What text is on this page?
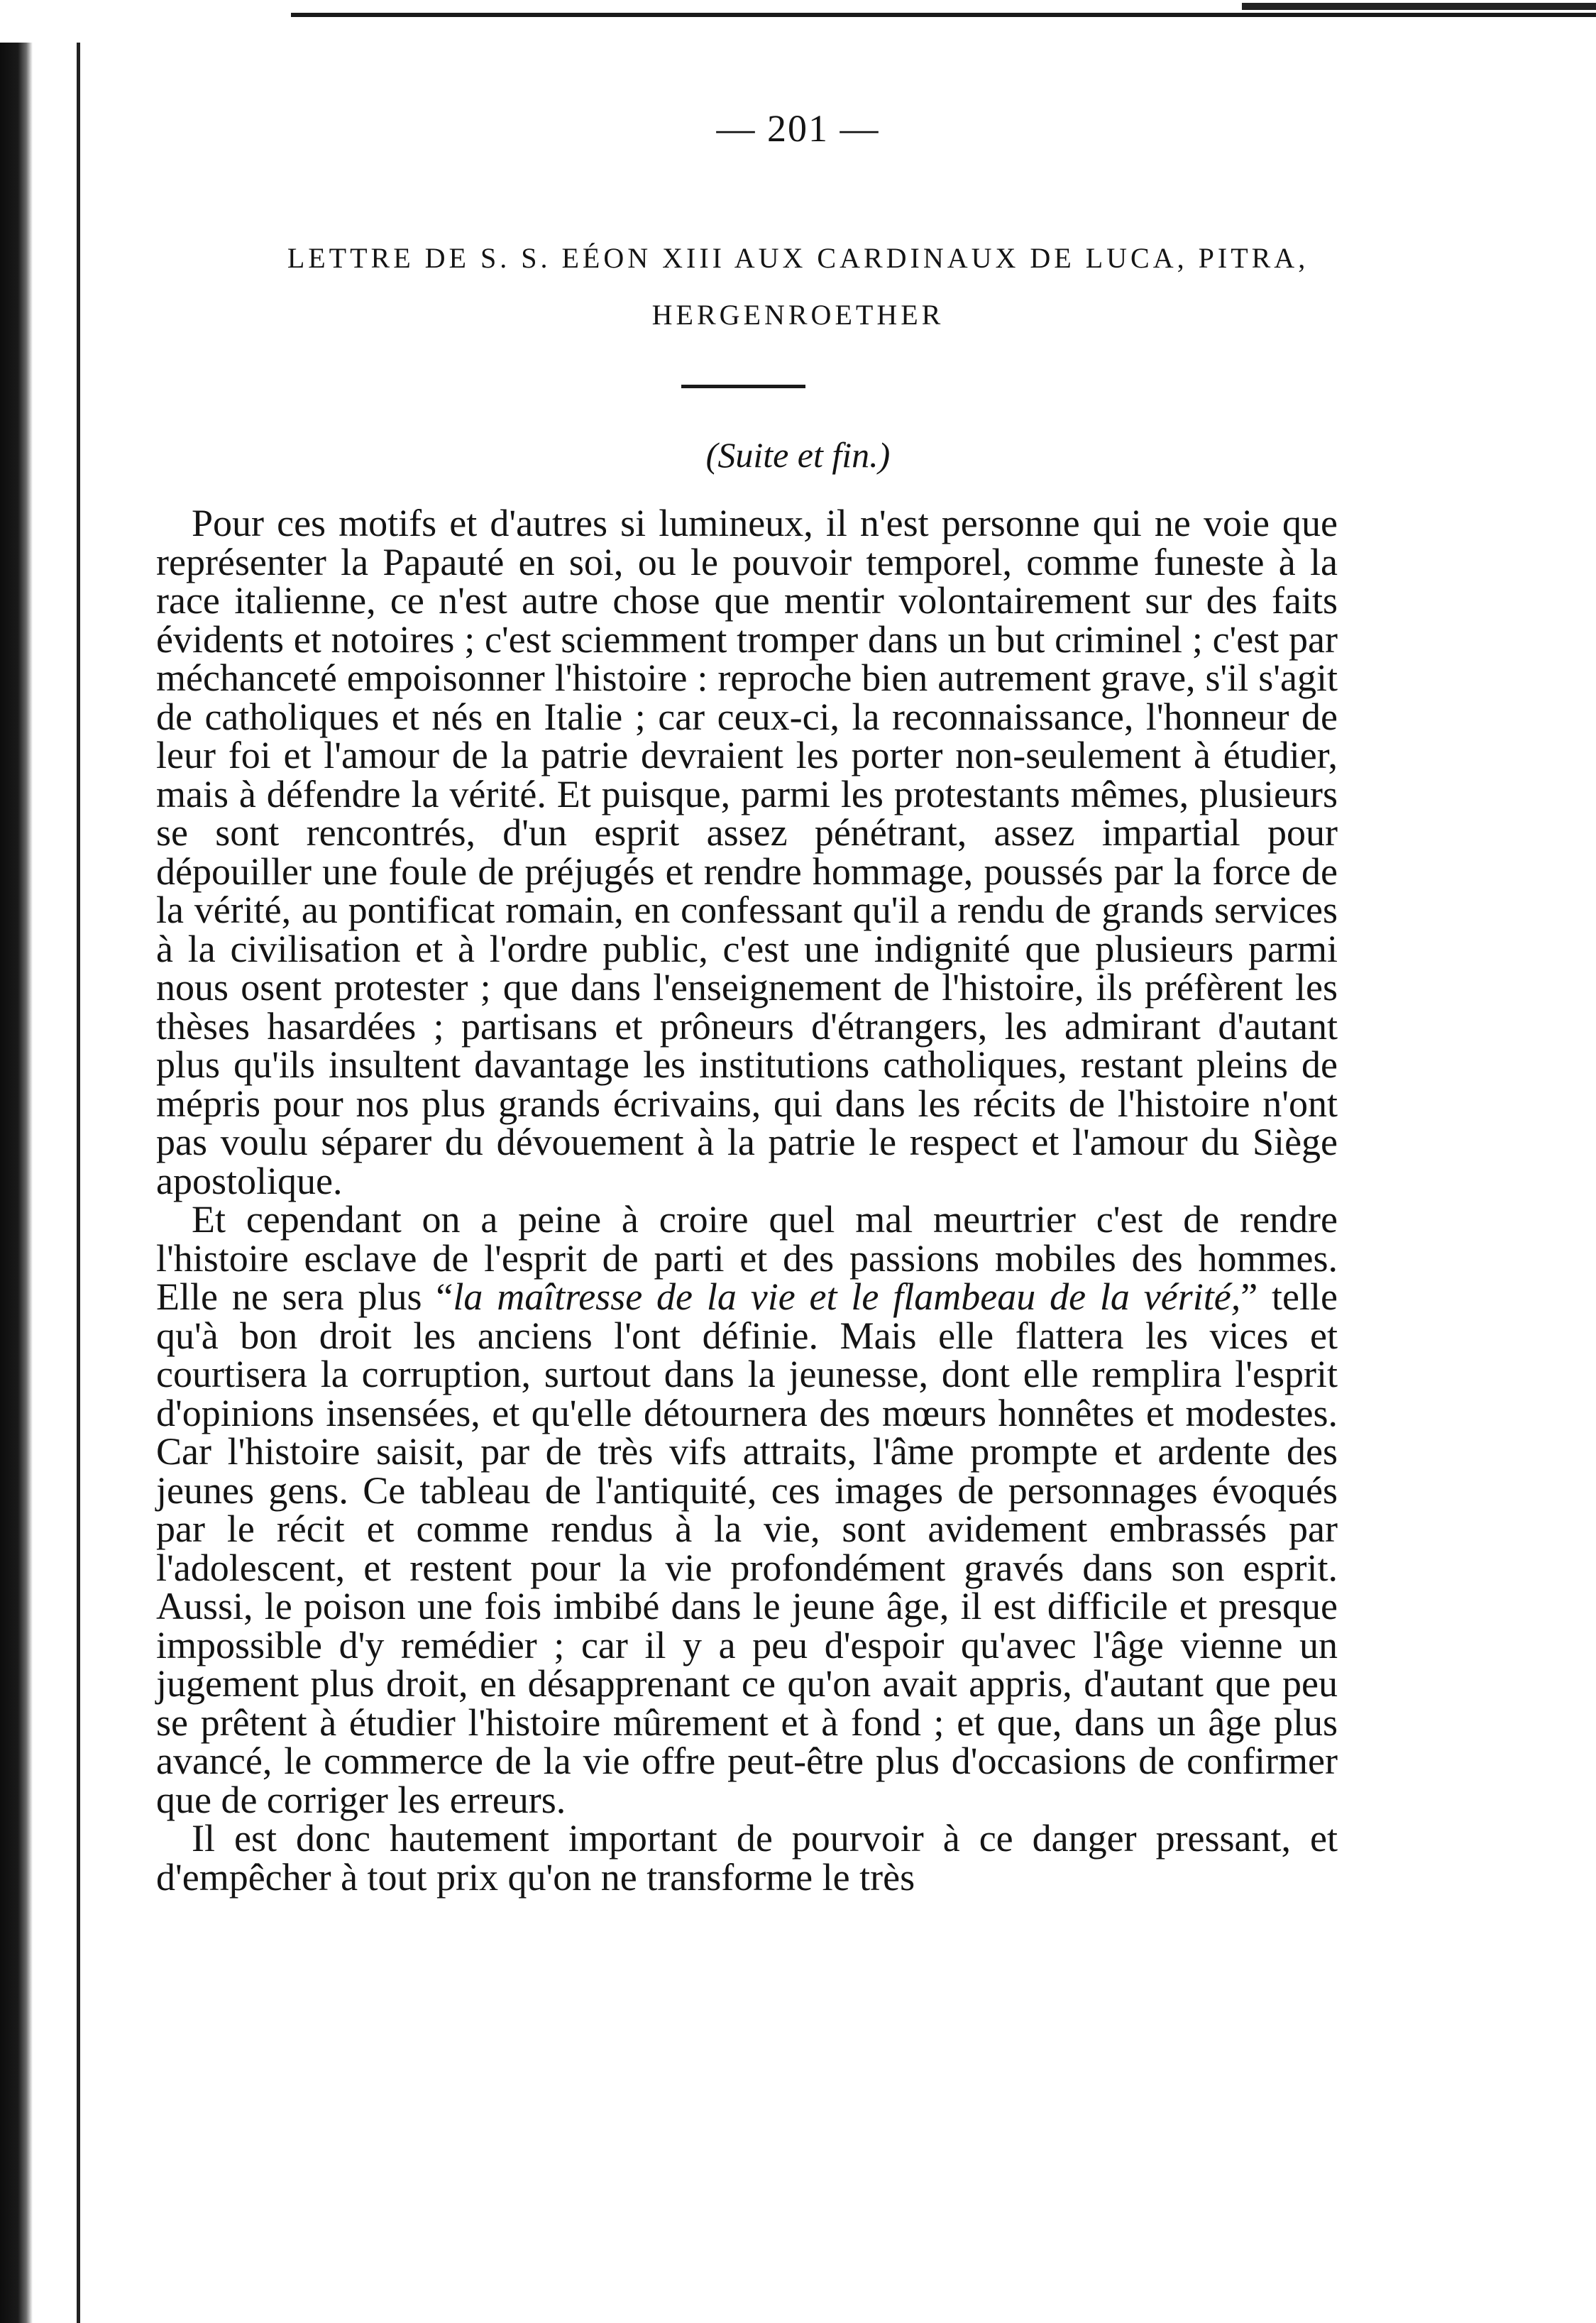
— 201 —
LETTRE DE S. S. EÉON XIII AUX CARDINAUX DE LUCA, PITRA,
HERGENROETHER
(Suite et fin.)

Pour ces motifs et d'autres si lumineux, il n'est personne qui ne voie que représenter la Papauté en soi, ou le pouvoir temporel, comme funeste à la race italienne, ce n'est autre chose que mentir volontairement sur des faits évidents et notoires ; c'est sciemment tromper dans un but criminel ; c'est par méchanceté empoisonner l'histoire : reproche bien autrement grave, s'il s'agit de catholiques et nés en Italie ; car ceux-ci, la reconnaissance, l'honneur de leur foi et l'amour de la patrie devraient les porter non-seulement à étudier, mais à défendre la vérité. Et puisque, parmi les protestants mêmes, plusieurs se sont rencontrés, d'un esprit assez pénétrant, assez impartial pour dépouiller une foule de préjugés et rendre hommage, poussés par la force de la vérité, au pontificat romain, en confessant qu'il a rendu de grands services à la civilisation et à l'ordre public, c'est une indignité que plusieurs parmi nous osent protester ; que dans l'enseignement de l'histoire, ils préfèrent les thèses hasardées ; partisans et prôneurs d'étrangers, les admirant d'autant plus qu'ils insultent davantage les institutions catholiques, restant pleins de mépris pour nos plus grands écrivains, qui dans les récits de l'histoire n'ont pas voulu séparer du dévouement à la patrie le respect et l'amour du Siège apostolique.

Et cependant on a peine à croire quel mal meurtrier c'est de rendre l'histoire esclave de l'esprit de parti et des passions mobiles des hommes. Elle ne sera plus “la maîtresse de la vie et le flambeau de la vérité,” telle qu'à bon droit les anciens l'ont définie. Mais elle flattera les vices et courtisera la corruption, surtout dans la jeunesse, dont elle remplira l'esprit d'opinions insensées, et qu'elle détournera des mœurs honnêtes et modestes. Car l'histoire saisit, par de très vifs attraits, l'âme prompte et ardente des jeunes gens. Ce tableau de l'antiquité, ces images de personnages évoqués par le récit et comme rendus à la vie, sont avidement embrassés par l'adolescent, et restent pour la vie profondément gravés dans son esprit. Aussi, le poison une fois imbibé dans le jeune âge, il est difficile et presque impossible d'y remédier ; car il y a peu d'espoir qu'avec l'âge vienne un jugement plus droit, en désapprenant ce qu'on avait appris, d'autant que peu se prêtent à étudier l'histoire mûrement et à fond ; et que, dans un âge plus avancé, le commerce de la vie offre peut-être plus d'occasions de confirmer que de corriger les erreurs.

Il est donc hautement important de pourvoir à ce danger pressant, et d'empêcher à tout prix qu'on ne transforme le très
